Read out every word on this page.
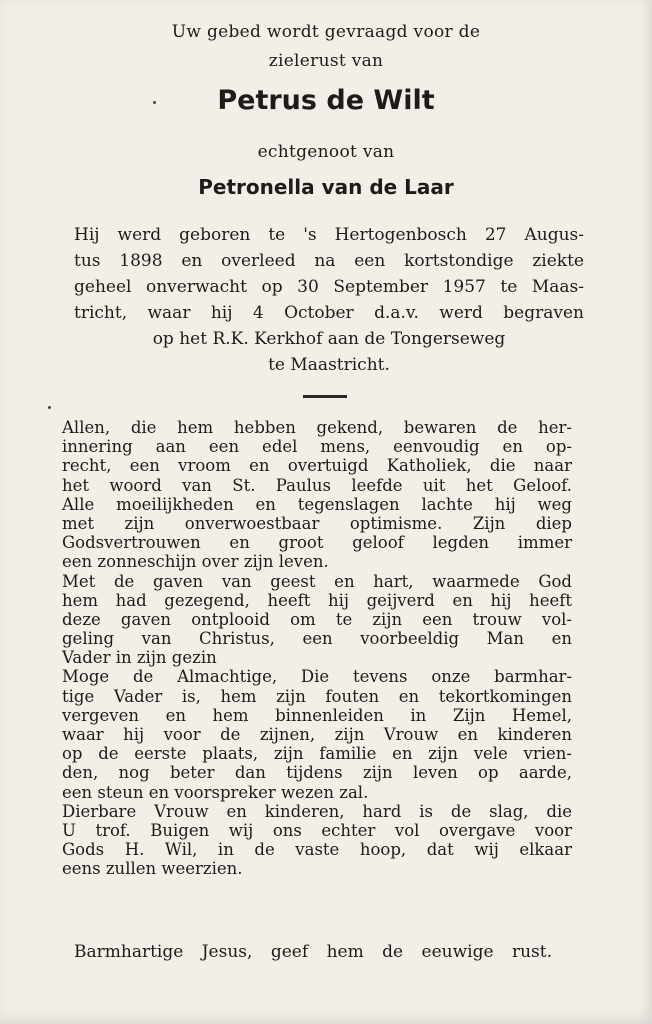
Uw gebed wordt gevraagd voor de
zielerust van
Petrus de Wilt
echtgenoot van
Petronella van de Laar
Hij werd geboren te 's Hertogenbosch 27 Augus-
tus 1898 en overleed na een kortstondige ziekte
geheel onverwacht op 30 September 1957 te Maas-
tricht, waar hij 4 October d.a.v. werd begraven
op het R.K. Kerkhof aan de Tongerseweg
te Maastricht.
Allen, die hem hebben gekend, bewaren de her-
innering aan een edel mens, eenvoudig en op-
recht, een vroom en overtuigd Katholiek, die naar
het woord van St. Paulus leefde uit het Geloof.
Alle moeilijkheden en tegenslagen lachte hij weg
met zijn onverwoestbaar optimisme. Zijn diep
Godsvertrouwen en groot geloof legden immer
een zonneschijn over zijn leven.
Met de gaven van geest en hart, waarmede God
hem had gezegend, heeft hij geijverd en hij heeft
deze gaven ontplooid om te zijn een trouw vol-
geling van Christus, een voorbeeldig Man en
Vader in zijn gezin
Moge de Almachtige, Die tevens onze barmhar-
tige Vader is, hem zijn fouten en tekortkomingen
vergeven en hem binnenleiden in Zijn Hemel,
waar hij voor de zijnen, zijn Vrouw en kinderen
op de eerste plaats, zijn familie en zijn vele vrien-
den, nog beter dan tijdens zijn leven op aarde,
een steun en voorspreker wezen zal.
Dierbare Vrouw en kinderen, hard is de slag, die
U trof. Buigen wij ons echter vol overgave voor
Gods H. Wil, in de vaste hoop, dat wij elkaar
eens zullen weerzien.
Barmhartige Jesus, geef hem de eeuwige rust.
